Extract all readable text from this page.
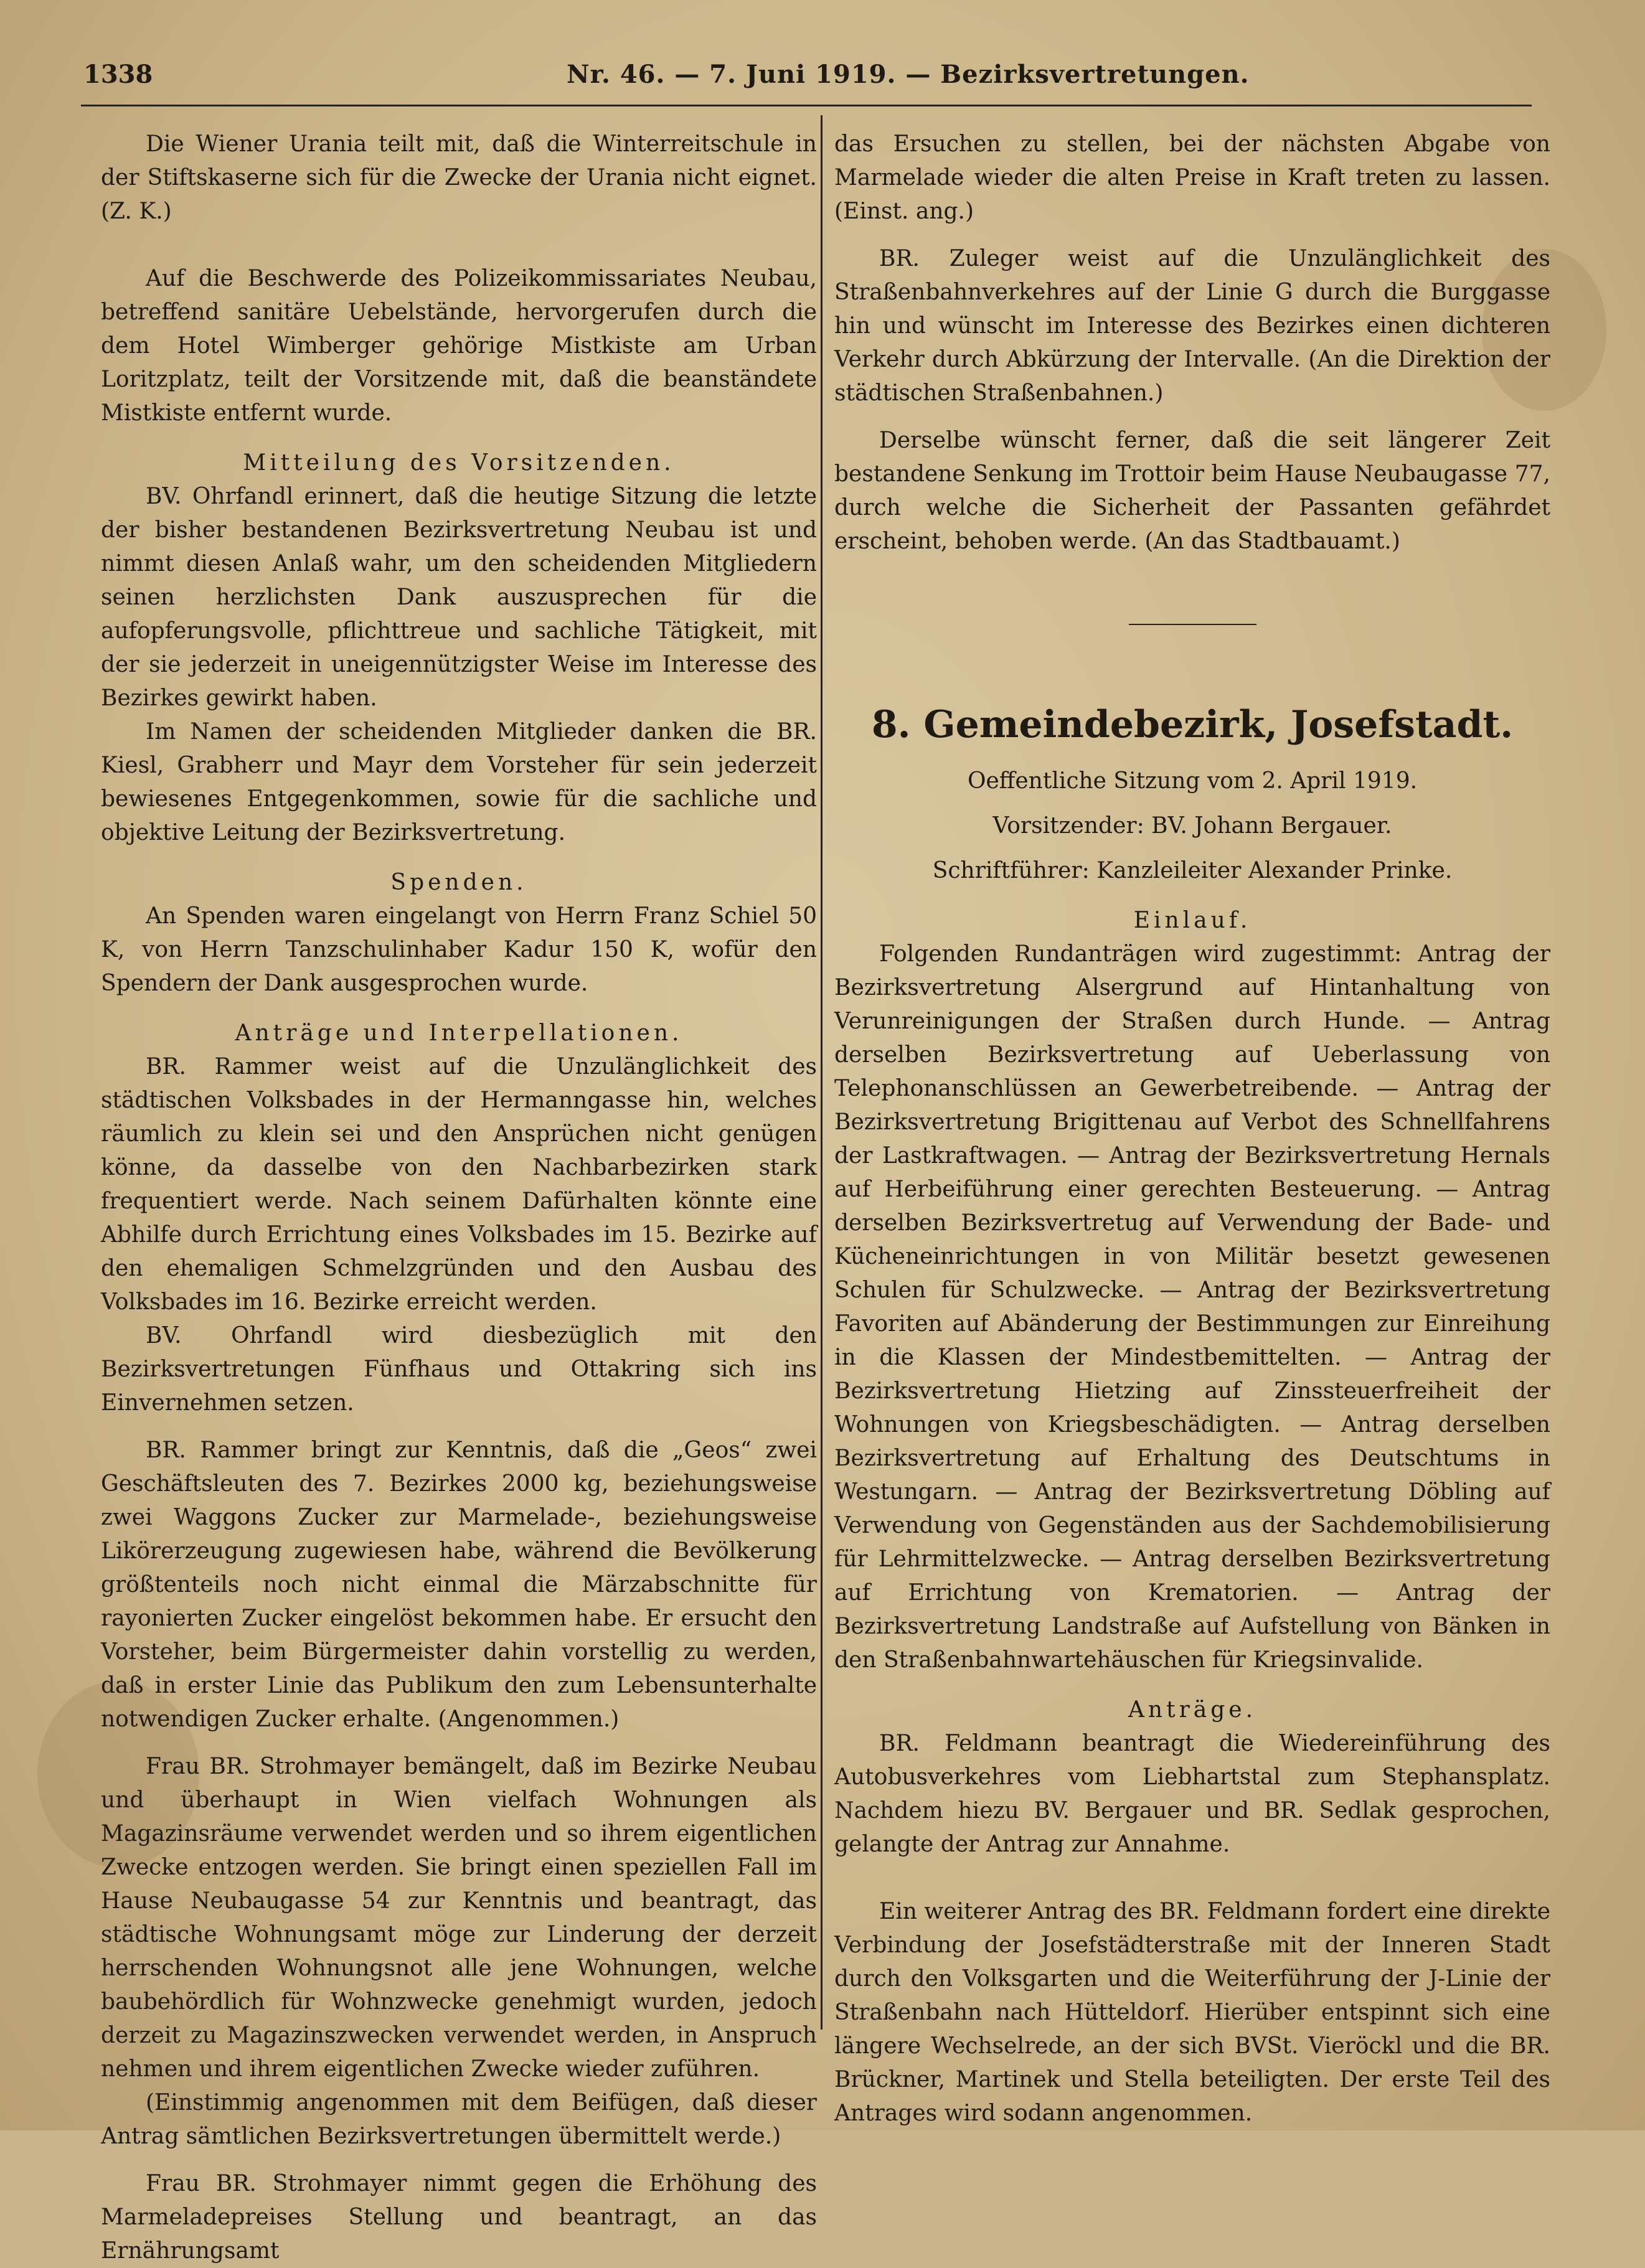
1338	Nr. 46. — 7. Juni 1919. — Bezirksvertretungen.

Die Wiener Urania teilt mit, daß die Winterreitschule in der Stiftskaserne sich für die Zwecke der Urania nicht eignet. (Z. K.)

Auf die Beschwerde des Polizeikommissariates Neubau, betreffend sanitäre Uebelstände, hervorgerufen durch die dem Hotel Wimberger gehörige Mistkiste am Urban Loritzplatz, teilt der Vorsitzende mit, daß die beanständete Mistkiste entfernt wurde.

Mitteilung des Vorsitzenden.

BV. Ohrfandl erinnert, daß die heutige Sitzung die letzte der bisher bestandenen Bezirksvertretung Neubau ist und nimmt diesen Anlaß wahr, um den scheidenden Mitgliedern seinen herzlichsten Dank auszusprechen für die aufopferungsvolle, pflichttreue und sachliche Tätigkeit, mit der sie jederzeit in uneigennützigster Weise im Interesse des Bezirkes gewirkt haben.

Im Namen der scheidenden Mitglieder danken die BR. Kiesl, Grabherr und Mayr dem Vorsteher für sein jederzeit bewiesenes Entgegenkommen, sowie für die sachliche und objektive Leitung der Bezirksvertretung.

Spenden.

An Spenden waren eingelangt von Herrn Franz Schiel 50 K, von Herrn Tanzschulinhaber Kadur 150 K, wofür den Spendern der Dank ausgesprochen wurde.

Anträge und Interpellationen.

BR. Rammer weist auf die Unzulänglichkeit des städtischen Volksbades in der Hermanngasse hin, welches räumlich zu klein sei und den Ansprüchen nicht genügen könne, da dasselbe von den Nachbarbezirken stark frequentiert werde. Nach seinem Dafürhalten könnte eine Abhilfe durch Errichtung eines Volksbades im 15. Bezirke auf den ehemaligen Schmelzgründen und den Ausbau des Volksbades im 16. Bezirke erreicht werden.

BV. Ohrfandl wird diesbezüglich mit den Bezirksvertretungen Fünfhaus und Ottakring sich ins Einvernehmen setzen.

BR. Rammer bringt zur Kenntnis, daß die „Geos“ zwei Geschäftsleuten des 7. Bezirkes 2000 kg, beziehungsweise zwei Waggons Zucker zur Marmelade-, beziehungsweise Likörerzeugung zugewiesen habe, während die Bevölkerung größtenteils noch nicht einmal die Märzabschnitte für rayonierten Zucker eingelöst bekommen habe. Er ersucht den Vorsteher, beim Bürgermeister dahin vorstellig zu werden, daß in erster Linie das Publikum den zum Lebensunterhalte notwendigen Zucker erhalte. (Angenommen.)

Frau BR. Strohmayer bemängelt, daß im Bezirke Neubau und überhaupt in Wien vielfach Wohnungen als Magazinsräume verwendet werden und so ihrem eigentlichen Zwecke entzogen werden. Sie bringt einen speziellen Fall im Hause Neubaugasse 54 zur Kenntnis und beantragt, das städtische Wohnungsamt möge zur Linderung der derzeit herrschenden Wohnungsnot alle jene Wohnungen, welche baubehördlich für Wohnzwecke genehmigt wurden, jedoch derzeit zu Magazinszwecken verwendet werden, in Anspruch nehmen und ihrem eigentlichen Zwecke wieder zuführen.

(Einstimmig angenommen mit dem Beifügen, daß dieser Antrag sämtlichen Bezirksvertretungen übermittelt werde.)

Frau BR. Strohmayer nimmt gegen die Erhöhung des Marmeladepreises Stellung und beantragt, an das Ernährungsamt

das Ersuchen zu stellen, bei der nächsten Abgabe von Marmelade wieder die alten Preise in Kraft treten zu lassen. (Einst. ang.)

BR. Zuleger weist auf die Unzulänglichkeit des Straßenbahnverkehres auf der Linie G durch die Burggasse hin und wünscht im Interesse des Bezirkes einen dichteren Verkehr durch Abkürzung der Intervalle. (An die Direktion der städtischen Straßenbahnen.)

Derselbe wünscht ferner, daß die seit längerer Zeit bestandene Senkung im Trottoir beim Hause Neubaugasse 77, durch welche die Sicherheit der Passanten gefährdet erscheint, behoben werde. (An das Stadtbauamt.)

8. Gemeindebezirk, Josefstadt.

Oeffentliche Sitzung vom 2. April 1919.

Vorsitzender: BV. Johann Bergauer.

Schriftführer: Kanzleileiter Alexander Prinke.

Einlauf.

Folgenden Rundanträgen wird zugestimmt: Antrag der Bezirksvertretung Alsergrund auf Hintanhaltung von Verunreinigungen der Straßen durch Hunde. — Antrag derselben Bezirksvertretung auf Ueberlassung von Telephonanschlüssen an Gewerbetreibende. — Antrag der Bezirksvertretung Brigittenau auf Verbot des Schnellfahrens der Lastkraftwagen. — Antrag der Bezirksvertretung Hernals auf Herbeiführung einer gerechten Besteuerung. — Antrag derselben Bezirksvertretug auf Verwendung der Bade- und Kücheneinrichtungen in von Militär besetzt gewesenen Schulen für Schulzwecke. — Antrag der Bezirksvertretung Favoriten auf Abänderung der Bestimmungen zur Einreihung in die Klassen der Mindestbemittelten. — Antrag der Bezirksvertretung Hietzing auf Zinssteuerfreiheit der Wohnungen von Kriegsbeschädigten. — Antrag derselben Bezirksvertretung auf Erhaltung des Deutschtums in Westungarn. — Antrag der Bezirksvertretung Döbling auf Verwendung von Gegenständen aus der Sachdemobilisierung für Lehrmittelzwecke. — Antrag derselben Bezirksvertretung auf Errichtung von Krematorien. — Antrag der Bezirksvertretung Landstraße auf Aufstellung von Bänken in den Straßenbahnwartehäuschen für Kriegsinvalide.

Anträge.

BR. Feldmann beantragt die Wiedereinführung des Autobusverkehres vom Liebhartstal zum Stephansplatz. Nachdem hiezu BV. Bergauer und BR. Sedlak gesprochen, gelangte der Antrag zur Annahme.

Ein weiterer Antrag des BR. Feldmann fordert eine direkte Verbindung der Josefstädterstraße mit der Inneren Stadt durch den Volksgarten und die Weiterführung der J-Linie der Straßenbahn nach Hütteldorf. Hierüber entspinnt sich eine längere Wechselrede, an der sich BVSt. Vieröckl und die BR. Brückner, Martinek und Stella beteiligten. Der erste Teil des Antrages wird sodann angenommen.
